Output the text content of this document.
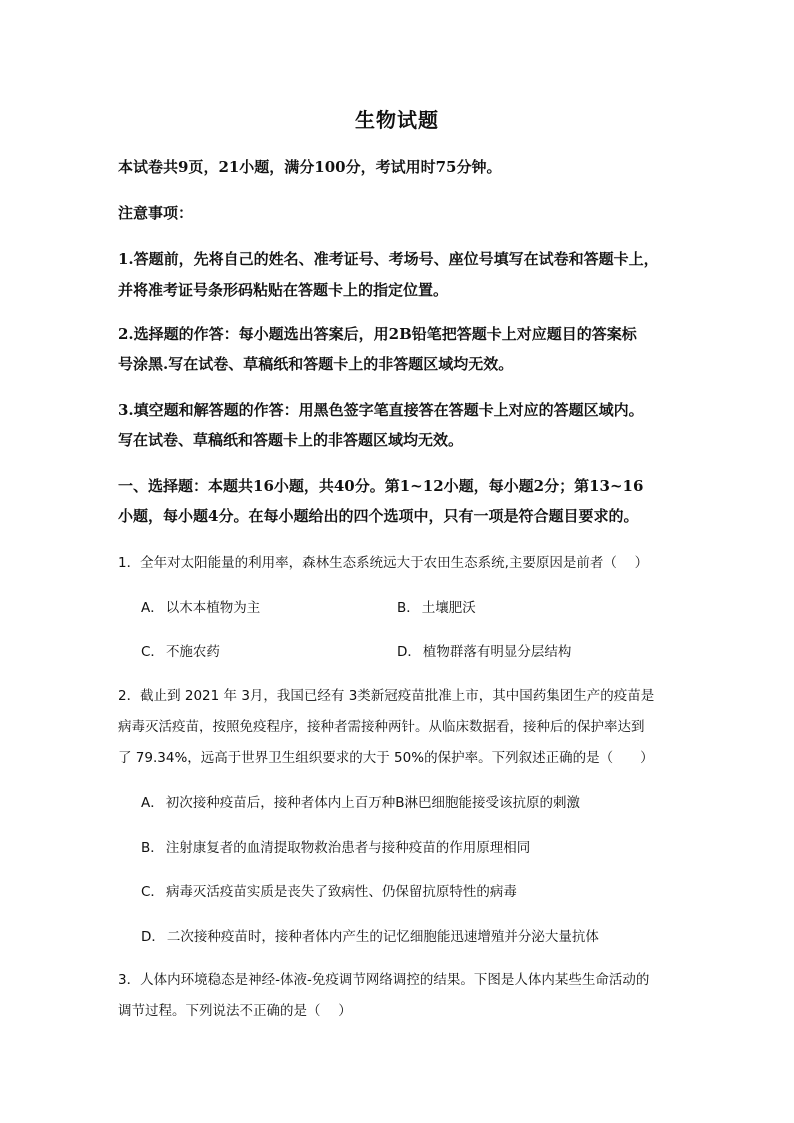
生物试题
本试卷共9页，21小题，满分100分，考试用时75分钟。
注意事项：
1.答题前，先将自己的姓名、准考证号、考场号、座位号填写在试卷和答题卡上，
并将准考证号条形码粘贴在答题卡上的指定位置。
2.选择题的作答：每小题选出答案后，用2B铅笔把答题卡上对应题目的答案标
号涂黑.写在试卷、草稿纸和答题卡上的非答题区域均无效。
3.填空题和解答题的作答：用黑色签字笔直接答在答题卡上对应的答题区域内。
写在试卷、草稿纸和答题卡上的非答题区域均无效。
一、选择题：本题共16小题，共40分。第1~12小题，每小题2分；第13~16
小题，每小题4分。在每小题给出的四个选项中，只有一项是符合题目要求的。
1．全年对太阳能量的利用率，森林生态系统远大于农田生态系统,主要原因是前者（　 ）
A． 以木本植物为主	B． 土壤肥沃
C． 不施农药	D． 植物群落有明显分层结构
2．截止到 2021 年 3月，我国已经有 3类新冠疫苗批准上市，其中国药集团生产的疫苗是
病毒灭活疫苗，按照免疫程序，接种者需接种两针。从临床数据看，接种后的保护率达到
了 79.34%，远高于世界卫生组织要求的大于 50%的保护率。下列叙述正确的是（　　）
A． 初次接种疫苗后，接种者体内上百万种B淋巴细胞能接受该抗原的刺激
B． 注射康复者的血清提取物救治患者与接种疫苗的作用原理相同
C． 病毒灭活疫苗实质是丧失了致病性、仍保留抗原特性的病毒
D． 二次接种疫苗时，接种者体内产生的记忆细胞能迅速增殖并分泌大量抗体
3．人体内环境稳态是神经-体液-免疫调节网络调控的结果。下图是人体内某些生命活动的
调节过程。下列说法不正确的是（　 ）
